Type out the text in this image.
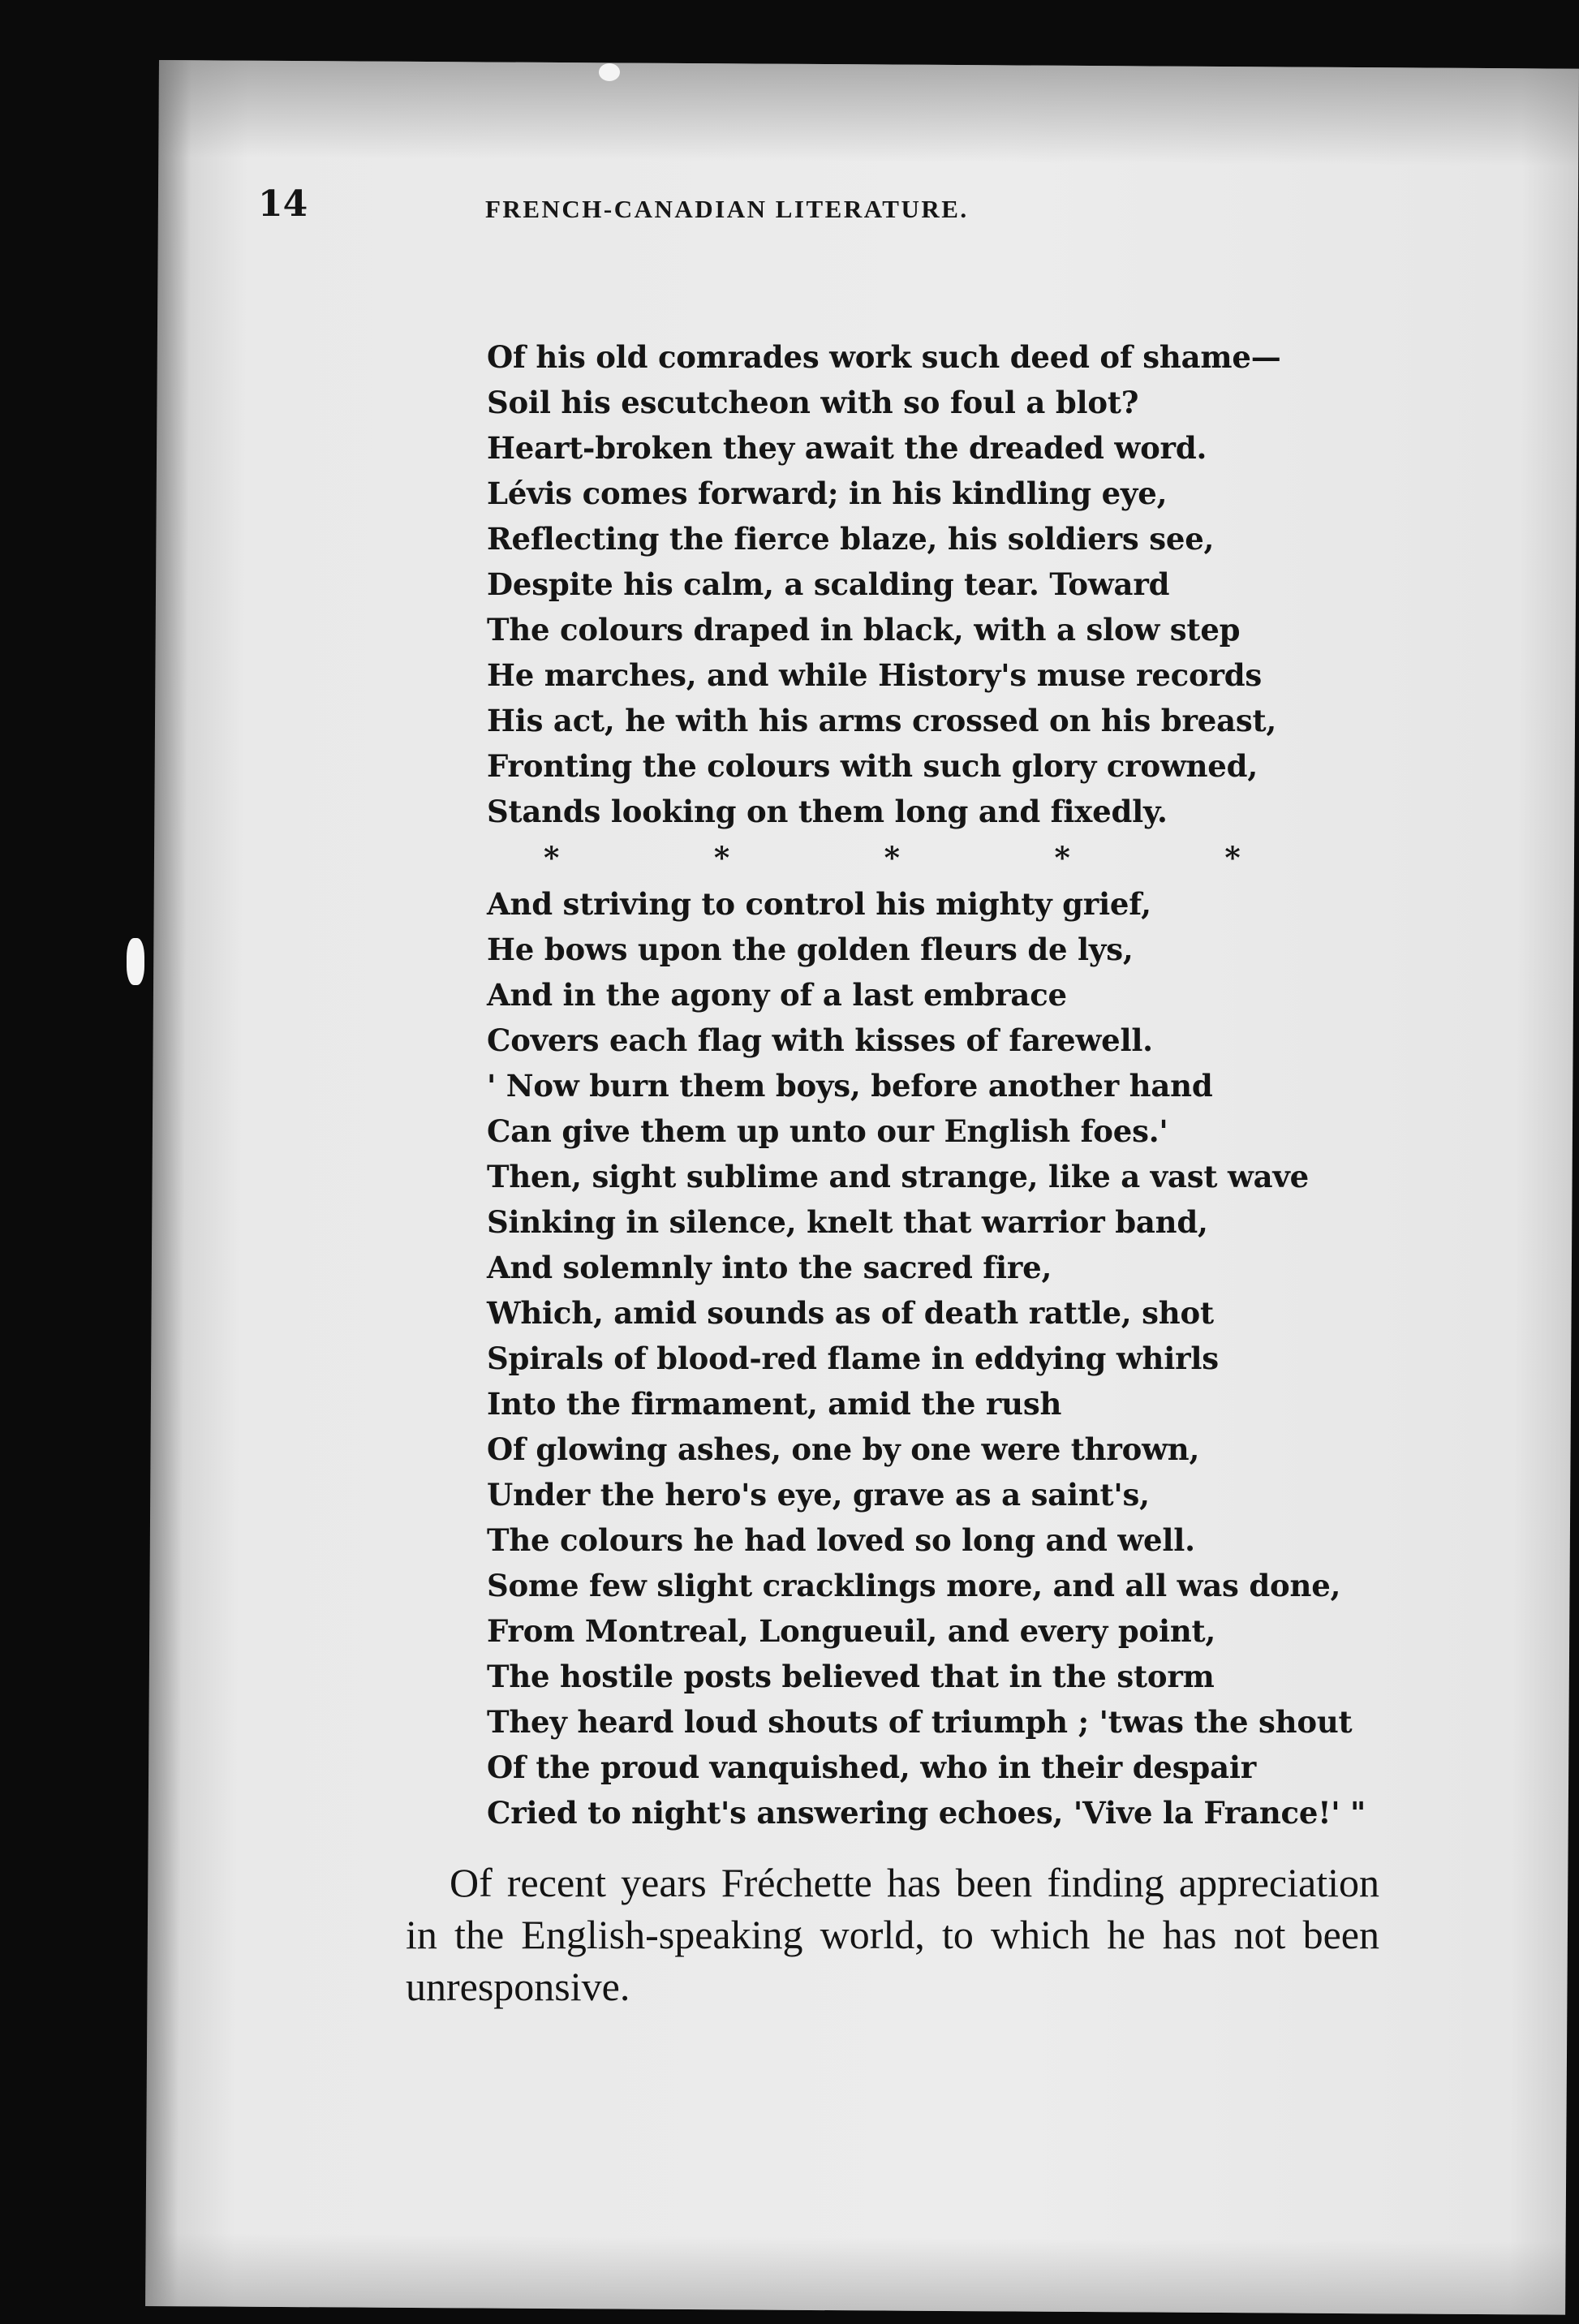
14	FRENCH-CANADIAN LITERATURE.
Of his old comrades work such deed of shame—
Soil his escutcheon with so foul a blot?
Heart-broken they await the dreaded word.
Lévis comes forward; in his kindling eye,
Reflecting the fierce blaze, his soldiers see,
Despite his calm, a scalding tear. Toward
The colours draped in black, with a slow step
He marches, and while History's muse records
His act, he with his arms crossed on his breast,
Fronting the colours with such glory crowned,
Stands looking on them long and fixedly.
* * * * *
And striving to control his mighty grief,
He bows upon the golden fleurs de lys,
And in the agony of a last embrace
Covers each flag with kisses of farewell.
' Now burn them boys, before another hand
Can give them up unto our English foes.'
Then, sight sublime and strange, like a vast wave
Sinking in silence, knelt that warrior band,
And solemnly into the sacred fire,
Which, amid sounds as of death rattle, shot
Spirals of blood-red flame in eddying whirls
Into the firmament, amid the rush
Of glowing ashes, one by one were thrown,
Under the hero's eye, grave as a saint's,
The colours he had loved so long and well.
Some few slight cracklings more, and all was done,
From Montreal, Longueuil, and every point,
The hostile posts believed that in the storm
They heard loud shouts of triumph ; 'twas the shout
Of the proud vanquished, who in their despair
Cried to night's answering echoes, 'Vive la France!' "

Of recent years Fréchette has been finding appreciation in the English-speaking world, to which he has not been unresponsive.
